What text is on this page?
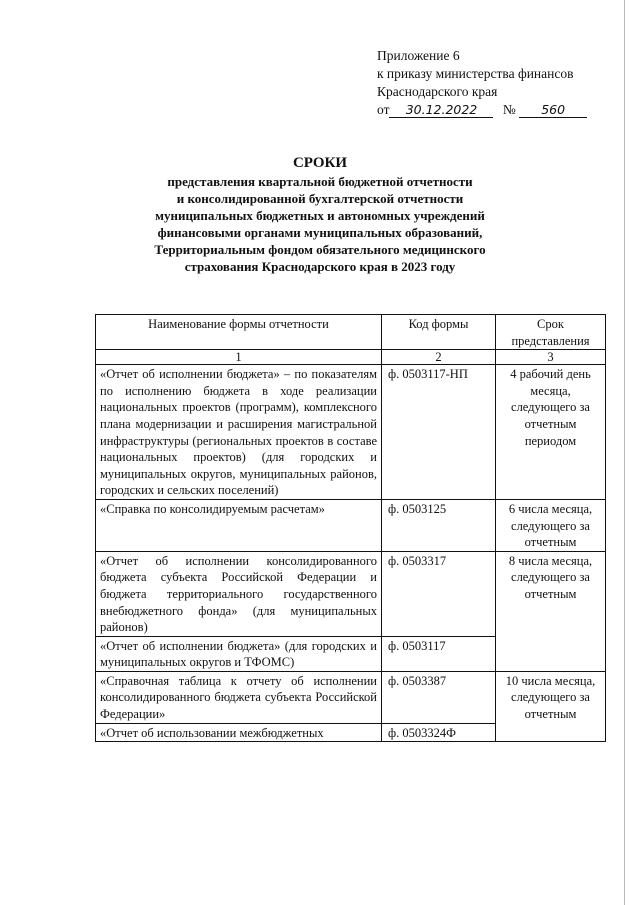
Приложение 6
к приказу министерства финансов
Краснодарского края
от 30.12.2022 № 560
СРОКИ
представления квартальной бюджетной отчетности
и консолидированной бухгалтерской отчетности
муниципальных бюджетных и автономных учреждений
финансовыми органами муниципальных образований,
Территориальным фондом обязательного медицинского
страхования Краснодарского края в 2023 году
Наименование формы отчетности	Код формы	Срок представления
1	2	3
«Отчет об исполнении бюджета» – по показателям по исполнению бюджета в ходе реализации национальных проектов (программ), комплексного плана модернизации и расширения магистральной инфраструктуры (региональных проектов в составе национальных проектов) (для городских и муниципальных округов, муниципальных районов, городских и сельских поселений)	ф. 0503117-НП	4 рабочий день месяца, следующего за отчетным периодом
«Справка по консолидируемым расчетам»	ф. 0503125	6 числа месяца, следующего за отчетным
«Отчет об исполнении консолидированного бюджета субъекта Российской Федерации и бюджета территориального государственного внебюджетного фонда» (для муниципальных районов)	ф. 0503317	8 числа месяца, следующего за отчетным
«Отчет об исполнении бюджета» (для городских и муниципальных округов и ТФОМС)	ф. 0503117	
«Справочная таблица к отчету об исполнении консолидированного бюджета субъекта Российской Федерации»	ф. 0503387	10 числа месяца, следующего за отчетным
«Отчет об использовании межбюджетных	ф. 0503324Ф	
